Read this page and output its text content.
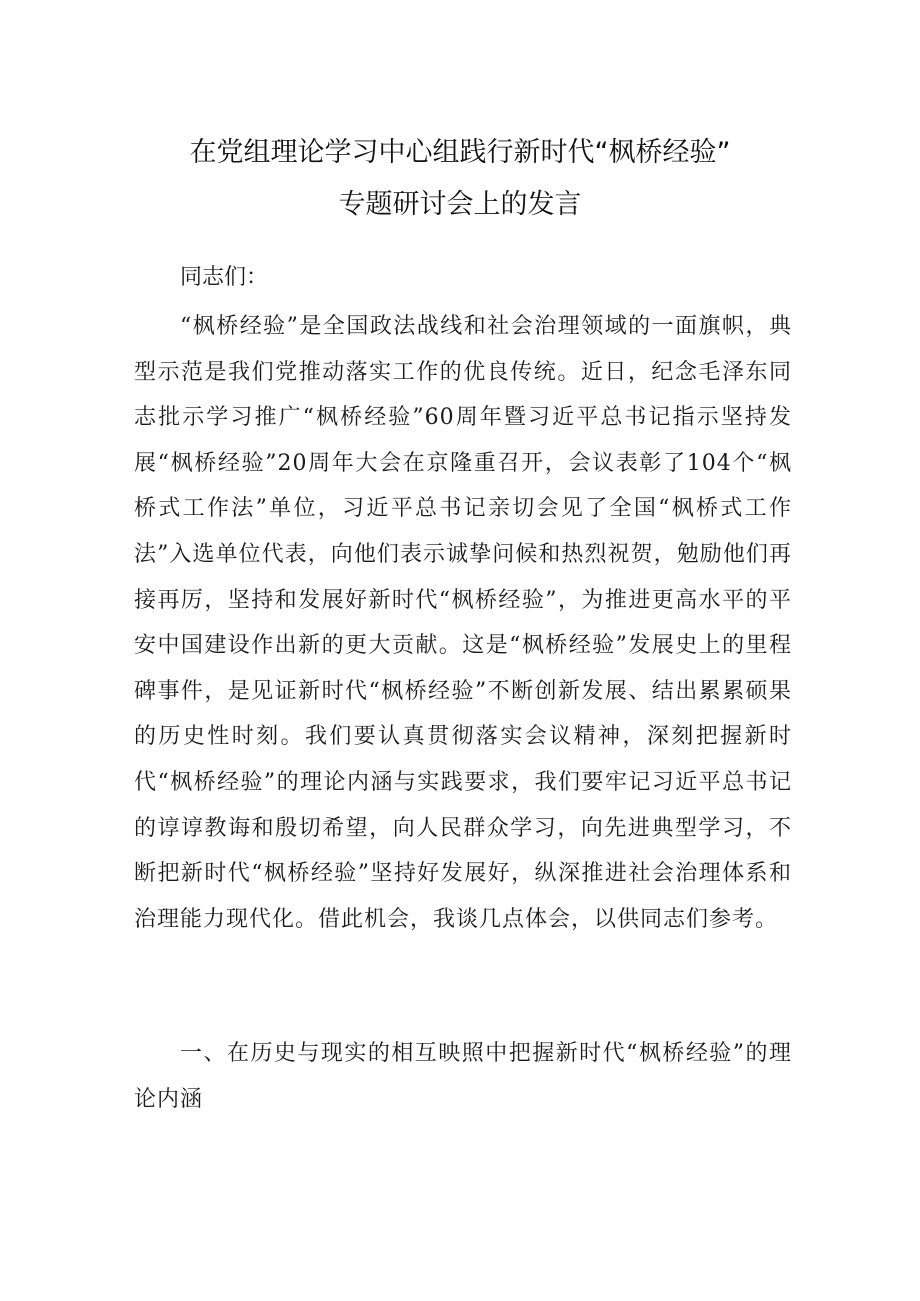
在党组理论学习中心组践行新时代“枫桥经验”
专题研讨会上的发言

同志们：

“枫桥经验”是全国政法战线和社会治理领域的一面旗帜，典型示范是我们党推动落实工作的优良传统。近日，纪念毛泽东同志批示学习推广“枫桥经验”60周年暨习近平总书记指示坚持发展“枫桥经验”20周年大会在京隆重召开，会议表彰了104个“枫桥式工作法”单位，习近平总书记亲切会见了全国“枫桥式工作法”入选单位代表，向他们表示诚挚问候和热烈祝贺，勉励他们再接再厉，坚持和发展好新时代“枫桥经验”，为推进更高水平的平安中国建设作出新的更大贡献。这是“枫桥经验”发展史上的里程碑事件，是见证新时代“枫桥经验”不断创新发展、结出累累硕果的历史性时刻。我们要认真贯彻落实会议精神，深刻把握新时代“枫桥经验”的理论内涵与实践要求，我们要牢记习近平总书记的谆谆教诲和殷切希望，向人民群众学习，向先进典型学习，不断把新时代“枫桥经验”坚持好发展好，纵深推进社会治理体系和治理能力现代化。借此机会，我谈几点体会，以供同志们参考。

一、在历史与现实的相互映照中把握新时代“枫桥经验”的理论内涵
